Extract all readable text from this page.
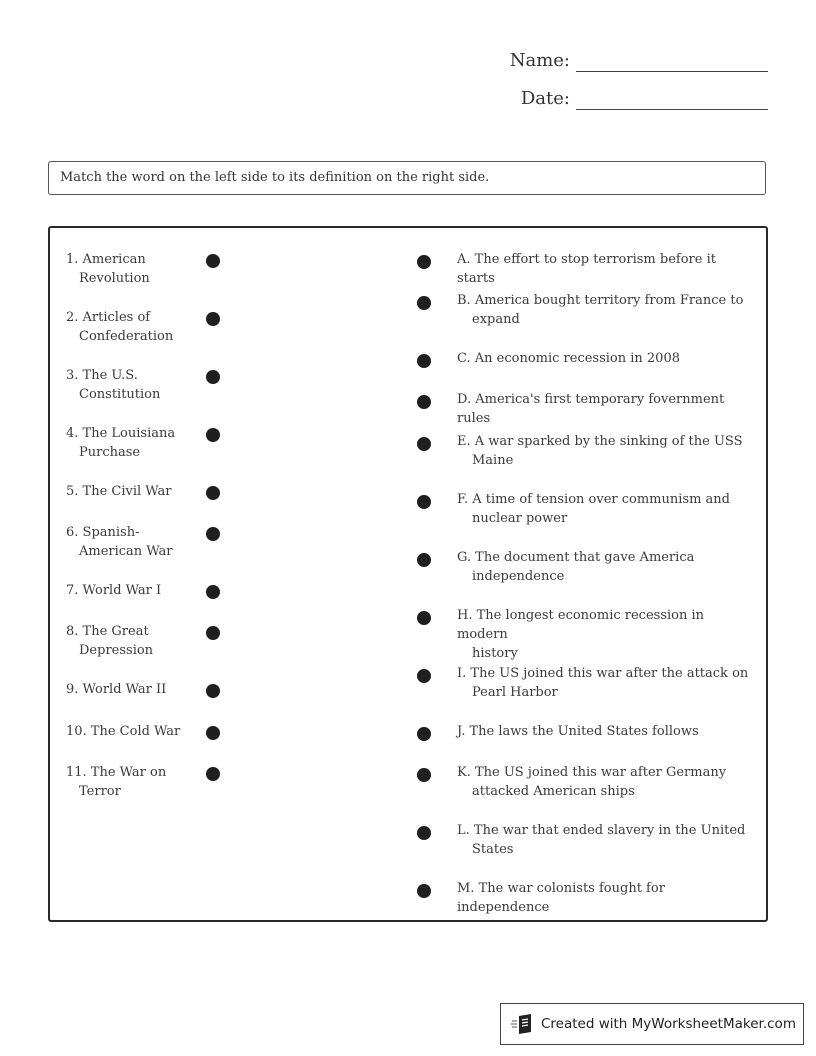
Name:
Date:
Match the word on the left side to its definition on the right side.
1. American
Revolution
2. Articles of
Confederation
3. The U.S.
Constitution
4. The Louisiana
Purchase
5. The Civil War
6. Spanish-
American War
7. World War I
8. The Great
Depression
9. World War II
10. The Cold War
11. The War on
Terror
A. The effort to stop terrorism before it starts
B. America bought territory from France to
expand
C. An economic recession in 2008
D. America's first temporary fovernment rules
E. A war sparked by the sinking of the USS
Maine
F. A time of tension over communism and
nuclear power
G. The document that gave America
independence
H. The longest economic recession in modern
history
I. The US joined this war after the attack on
Pearl Harbor
J. The laws the United States follows
K. The US joined this war after Germany
attacked American ships
L. The war that ended slavery in the United
States
M. The war colonists fought for independence
Created with MyWorksheetMaker.com
